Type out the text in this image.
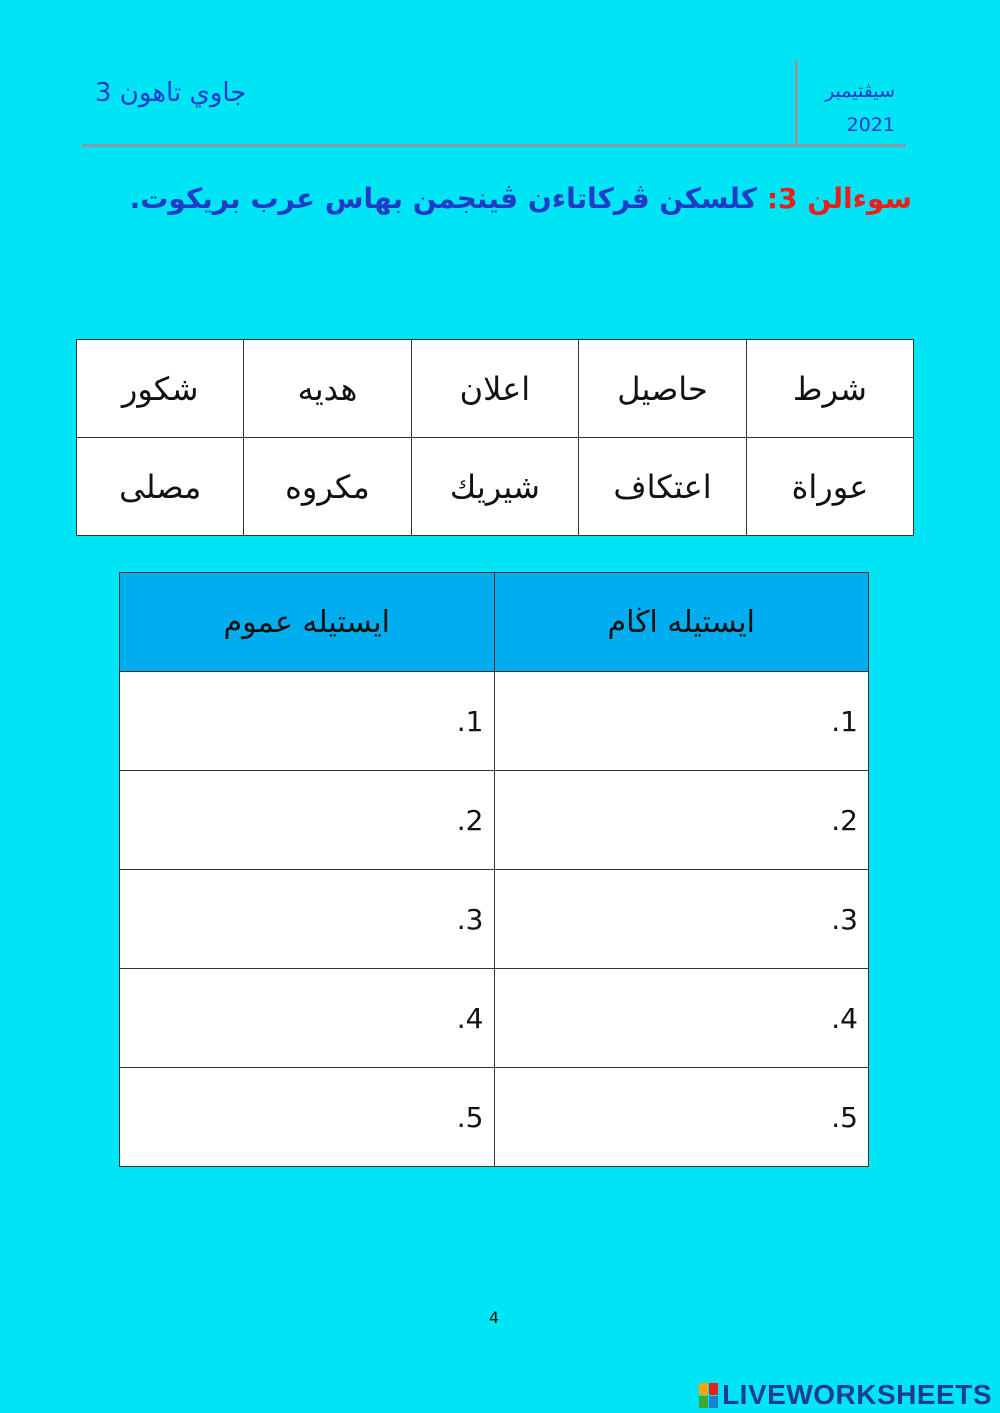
جاوي تاهون 3	سيڤتيمبر
2021
سوءالن 3: كلسكن ڤركاتاءن ڤينجمن بهاس عرب بريكوت.
شرط	حاصيل	اعلان	هديه	شكور
عوراة	اعتكاف	شيريك	مكروه	مصلى
ايستيله اڬام	ايستيله عموم
1.	1.
2.	2.
3.	3.
4.	4.
5.	5.
4
LIVEWORKSHEETS
